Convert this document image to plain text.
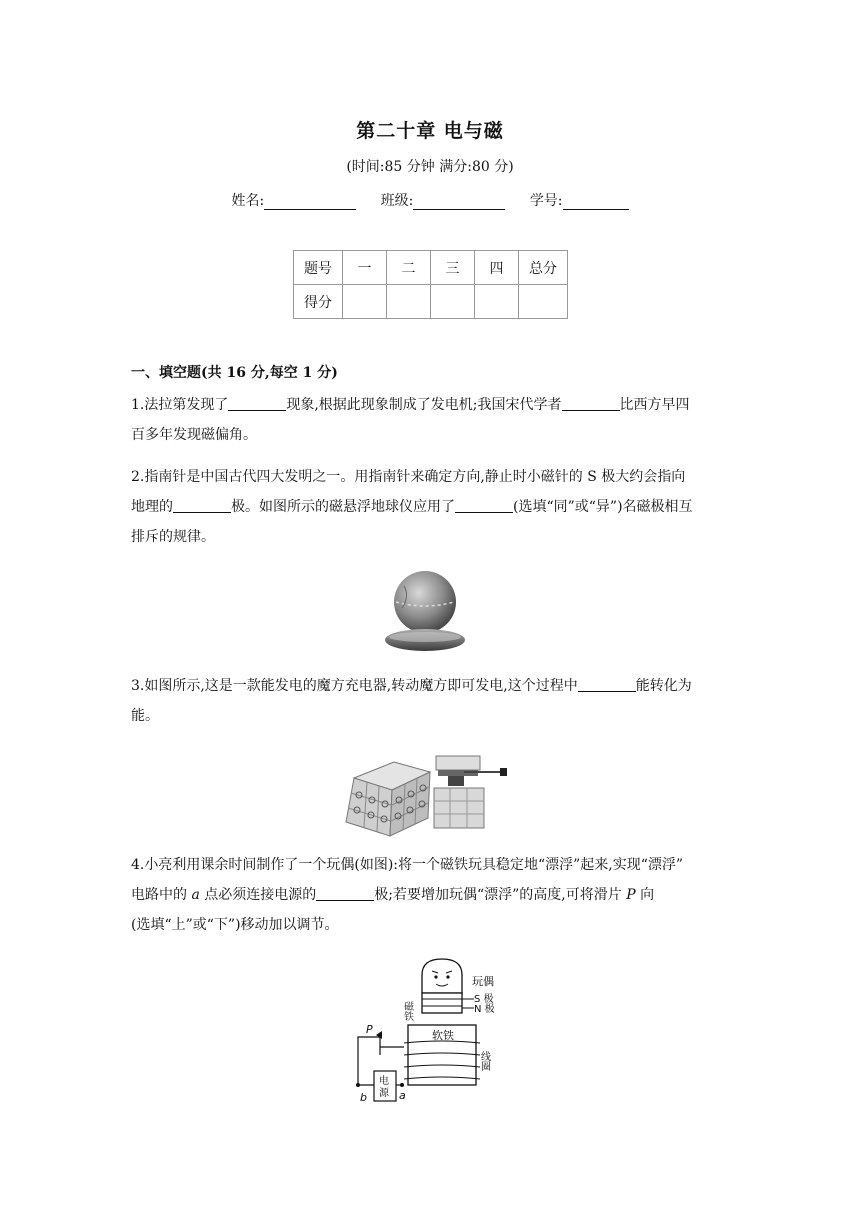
第二十章 电与磁
(时间:85 分钟 满分:80 分)
姓名:	班级:	学号:
题号	一	二	三	四	总分
得分					
一、填空题(共 16 分,每空 1 分)
1.法拉第发现了	现象,根据此现象制成了发电机;我国宋代学者	比西方早四
百多年发现磁偏角。
2.指南针是中国古代四大发明之一。用指南针来确定方向,静止时小磁针的 S 极大约会指向
地理的	极。如图所示的磁悬浮地球仪应用了	(选填“同”或“异”)名磁极相互
排斥的规律。
3.如图所示,这是一款能发电的魔方充电器,转动魔方即可发电,这个过程中	能转化为
能。
4.小亮利用课余时间制作了一个玩偶(如图):将一个磁铁玩具稳定地“漂浮”起来,实现“漂浮”
电路中的 a 点必须连接电源的	极;若要增加玩偶“漂浮”的高度,可将滑片 P 向
(选填“上”或“下”)移动加以调节。
玩偶
磁铁
S 极
N 极
软铁
线圈
电源
P
a
b
